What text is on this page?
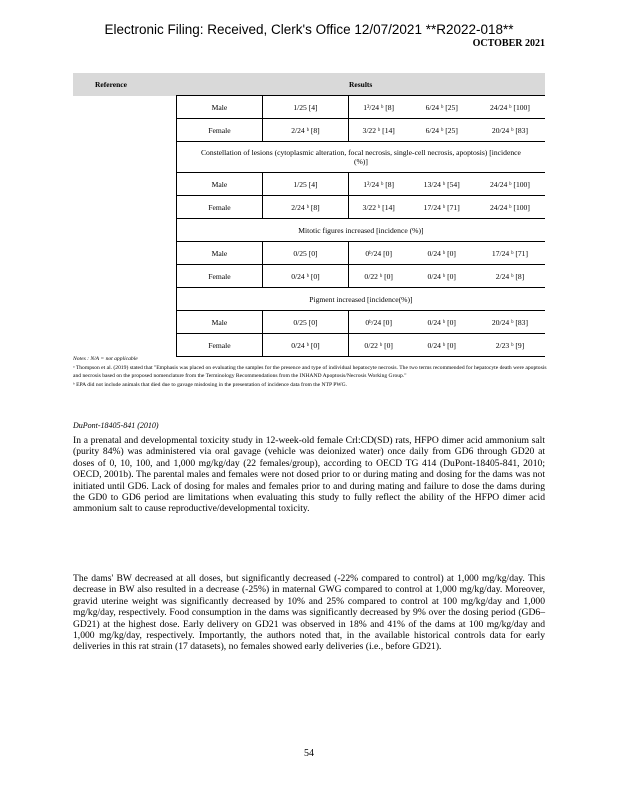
Electronic Filing: Received, Clerk's Office 12/07/2021 **R2022-018**
OCTOBER 2021
Reference	Results				
	Male	1/25 [4]	1²/24 ᵇ [8]	6/24 ᵇ [25]	24/24 ᵇ [100]
	Female	2/24 ᵇ [8]	3/22 ᵇ [14]	6/24 ᵇ [25]	20/24 ᵇ [83]
	Constellation of lesions (cytoplasmic alteration, focal necrosis, single-cell necrosis, apoptosis) [incidence (%)]				
	Male	1/25 [4]	1²/24 ᵇ [8]	13/24 ᵇ [54]	24/24 ᵇ [100]
	Female	2/24 ᵇ [8]	3/22 ᵇ [14]	17/24 ᵇ [71]	24/24 ᵇ [100]
	Mitotic figures increased [incidence (%)]				
	Male	0/25 [0]	0ᵇ/24 [0]	0/24 ᵇ [0]	17/24 ᵇ [71]
	Female	0/24 ᵇ [0]	0/22 ᵇ [0]	0/24 ᵇ [0]	2/24 ᵇ [8]
	Pigment increased [incidence(%)]				
	Male	0/25 [0]	0ᵇ/24 [0]	0/24 ᵇ [0]	20/24 ᵇ [83]
	Female	0/24 ᵇ [0]	0/22 ᵇ [0]	0/24 ᵇ [0]	2/23 ᵇ [9]
Notes : N/A = not applicable
ᵃ Thompson et al. (2019) stated that "Emphasis was placed on evaluating the samples for the presence and type of individual hepatocyte necrosis. The two terms recommended for hepatocyte death were apoptosis and necrosis based on the proposed nomenclature from the Terminology Recommendations from the INHAND Apoptosis/Necrosis Working Group."
ᵇ EPA did not include animals that died due to gavage misdosing in the presentation of incidence data from the NTP PWG.
DuPont-18405-841 (2010)
In a prenatal and developmental toxicity study in 12-week-old female Crl:CD(SD) rats, HFPO dimer acid ammonium salt (purity 84%) was administered via oral gavage (vehicle was deionized water) once daily from GD6 through GD20 at doses of 0, 10, 100, and 1,000 mg/kg/day (22 females/group), according to OECD TG 414 (DuPont-18405-841, 2010; OECD, 2001b). The parental males and females were not dosed prior to or during mating and dosing for the dams was not initiated until GD6. Lack of dosing for males and females prior to and during mating and failure to dose the dams during the GD0 to GD6 period are limitations when evaluating this study to fully reflect the ability of the HFPO dimer acid ammonium salt to cause reproductive/developmental toxicity.
The dams' BW decreased at all doses, but significantly decreased (-22% compared to control) at 1,000 mg/kg/day. This decrease in BW also resulted in a decrease (-25%) in maternal GWG compared to control at 1,000 mg/kg/day. Moreover, gravid uterine weight was significantly decreased by 10% and 25% compared to control at 100 mg/kg/day and 1,000 mg/kg/day, respectively. Food consumption in the dams was significantly decreased by 9% over the dosing period (GD6–GD21) at the highest dose. Early delivery on GD21 was observed in 18% and 41% of the dams at 100 mg/kg/day and 1,000 mg/kg/day, respectively. Importantly, the authors noted that, in the available historical controls data for early deliveries in this rat strain (17 datasets), no females showed early deliveries (i.e., before GD21).
54
